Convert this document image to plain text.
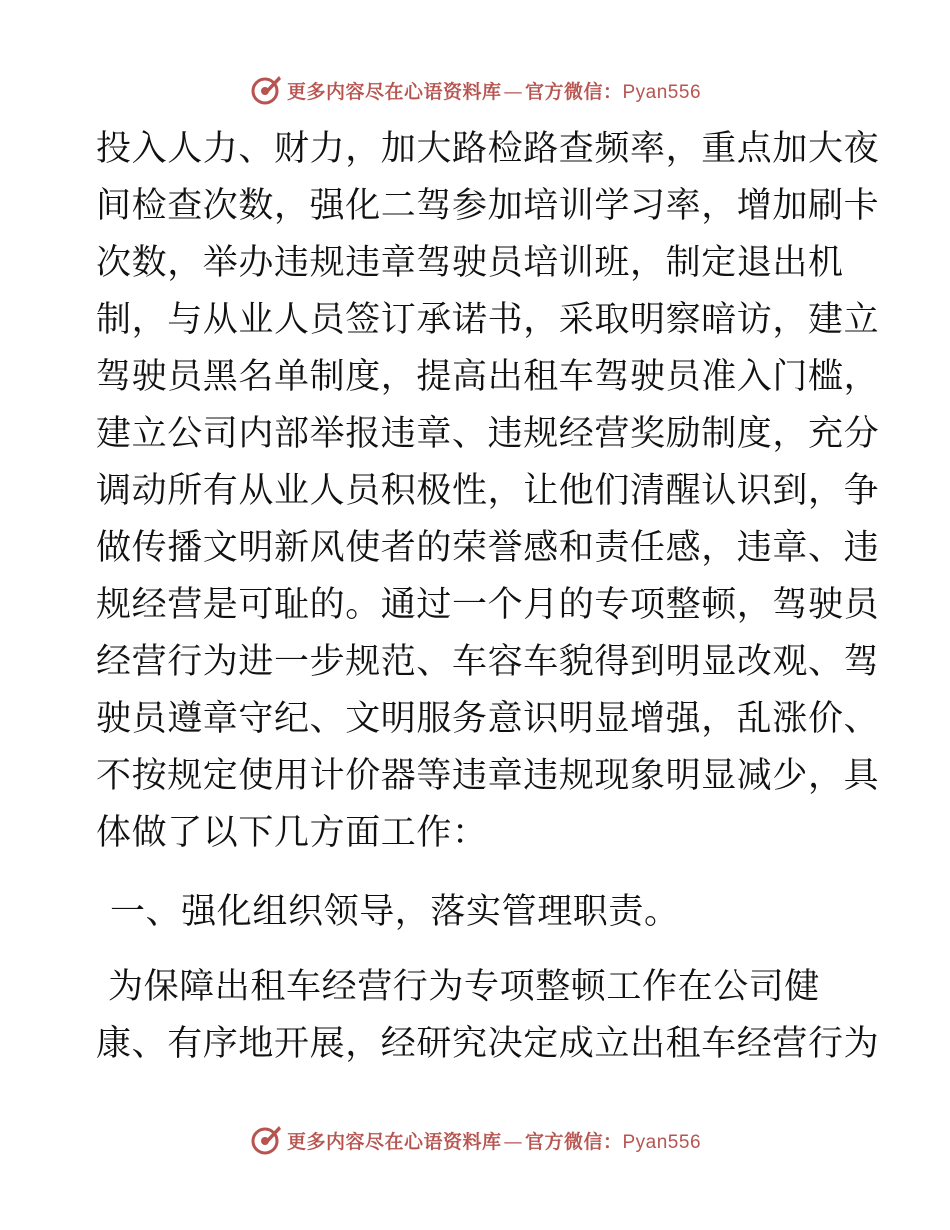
更多内容尽在心语资料库 — 官方微信：Pyan556
投入人力、财力，加大路检路查频率，重点加大夜
间检查次数，强化二驾参加培训学习率，增加刷卡
次数，举办违规违章驾驶员培训班，制定退出机
制，与从业人员签订承诺书，采取明察暗访，建立
驾驶员黑名单制度，提高出租车驾驶员准入门槛，
建立公司内部举报违章、违规经营奖励制度，充分
调动所有从业人员积极性，让他们清醒认识到，争
做传播文明新风使者的荣誉感和责任感，违章、违
规经营是可耻的。通过一个月的专项整顿，驾驶员
经营行为进一步规范、车容车貌得到明显改观、驾
驶员遵章守纪、文明服务意识明显增强，乱涨价、
不按规定使用计价器等违章违规现象明显减少，具
体做了以下几方面工作：
一、强化组织领导，落实管理职责。
为保障出租车经营行为专项整顿工作在公司健
康、有序地开展，经研究决定成立出租车经营行为
更多内容尽在心语资料库 — 官方微信：Pyan556
